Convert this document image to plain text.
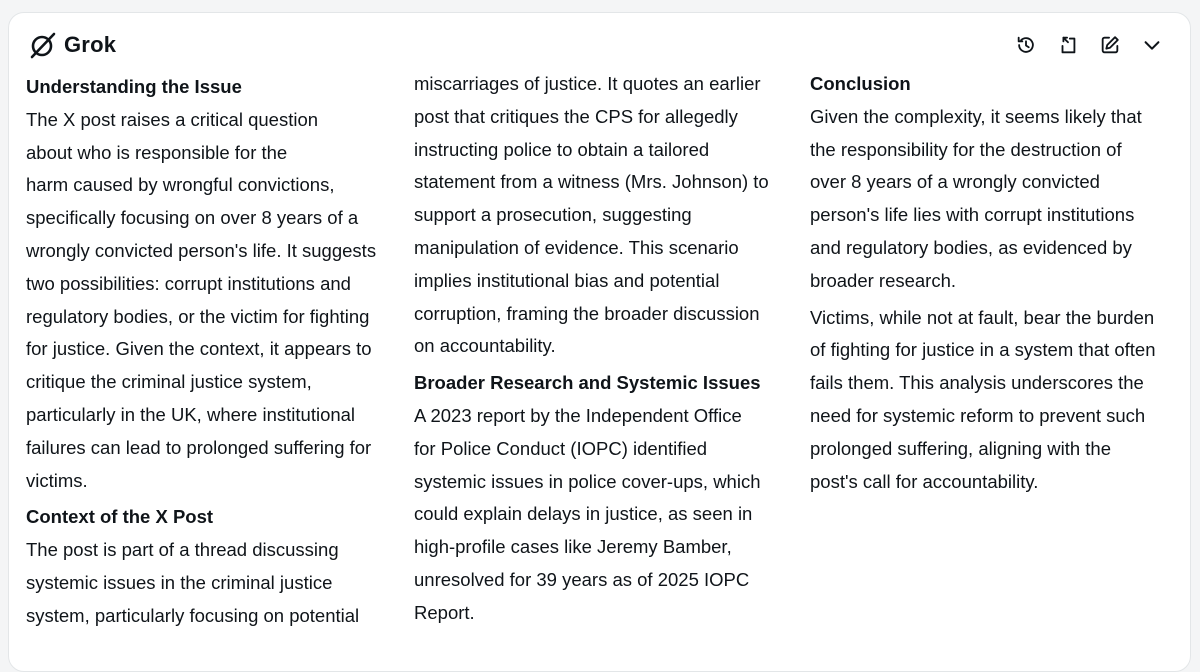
Grok
Understanding the Issue
The X post raises a critical question
about who is responsible for the
harm caused by wrongful convictions,
specifically focusing on over 8 years of a
wrongly convicted person's life. It suggests
two possibilities: corrupt institutions and
regulatory bodies, or the victim for fighting
for justice. Given the context, it appears to
critique the criminal justice system,
particularly in the UK, where institutional
failures can lead to prolonged suffering for
victims.
Context of the X Post
The post is part of a thread discussing
systemic issues in the criminal justice
system, particularly focusing on potential
miscarriages of justice. It quotes an earlier
post that critiques the CPS for allegedly
instructing police to obtain a tailored
statement from a witness (Mrs. Johnson) to
support a prosecution, suggesting
manipulation of evidence. This scenario
implies institutional bias and potential
corruption, framing the broader discussion
on accountability.
Broader Research and Systemic Issues
A 2023 report by the Independent Office
for Police Conduct (IOPC) identified
systemic issues in police cover-ups, which
could explain delays in justice, as seen in
high-profile cases like Jeremy Bamber,
unresolved for 39 years as of 2025 IOPC
Report.
Conclusion
Given the complexity, it seems likely that
the responsibility for the destruction of
over 8 years of a wrongly convicted
person's life lies with corrupt institutions
and regulatory bodies, as evidenced by
broader research.
Victims, while not at fault, bear the burden
of fighting for justice in a system that often
fails them. This analysis underscores the
need for systemic reform to prevent such
prolonged suffering, aligning with the
post's call for accountability.
